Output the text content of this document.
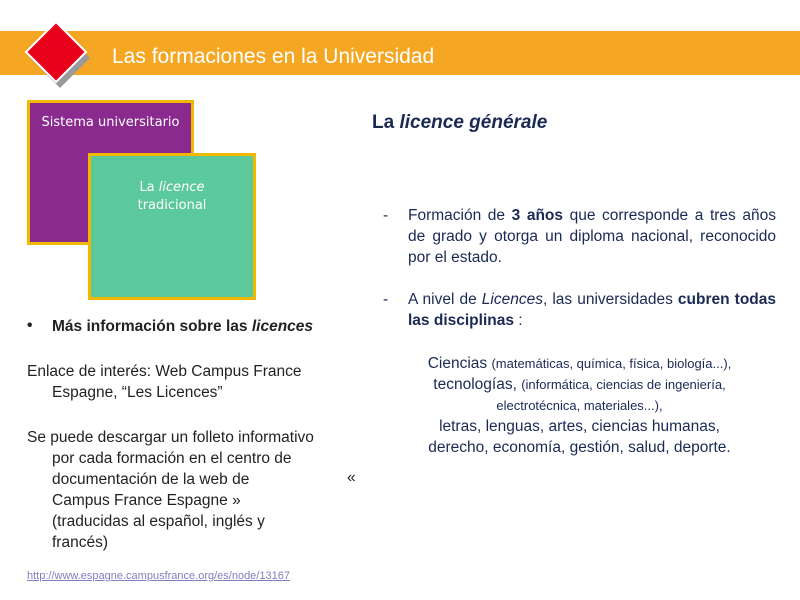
Las formaciones en la Universidad
Sistema universitario
La licence
tradicional
• Más información sobre las licences
Enlace de interés: Web Campus France
Espagne, “Les Licences”
Se puede descargar un folleto informativo
por cada formación en el centro de
documentación de la web de
Campus France Espagne »
(traducidas al español, inglés y
francés)
«
http://www.espagne.campusfrance.org/es/node/13167
La licence générale
- Formación de 3 años que corresponde a tres años de grado y otorga un diploma nacional, reconocido por el estado.
- A nivel de Licences, las universidades cubren todas las disciplinas :
Ciencias (matemáticas, química, física, biología...),
tecnologías, (informática, ciencias de ingeniería,
electrotécnica, materiales...),
letras, lenguas, artes, ciencias humanas,
derecho, economía, gestión, salud, deporte.
